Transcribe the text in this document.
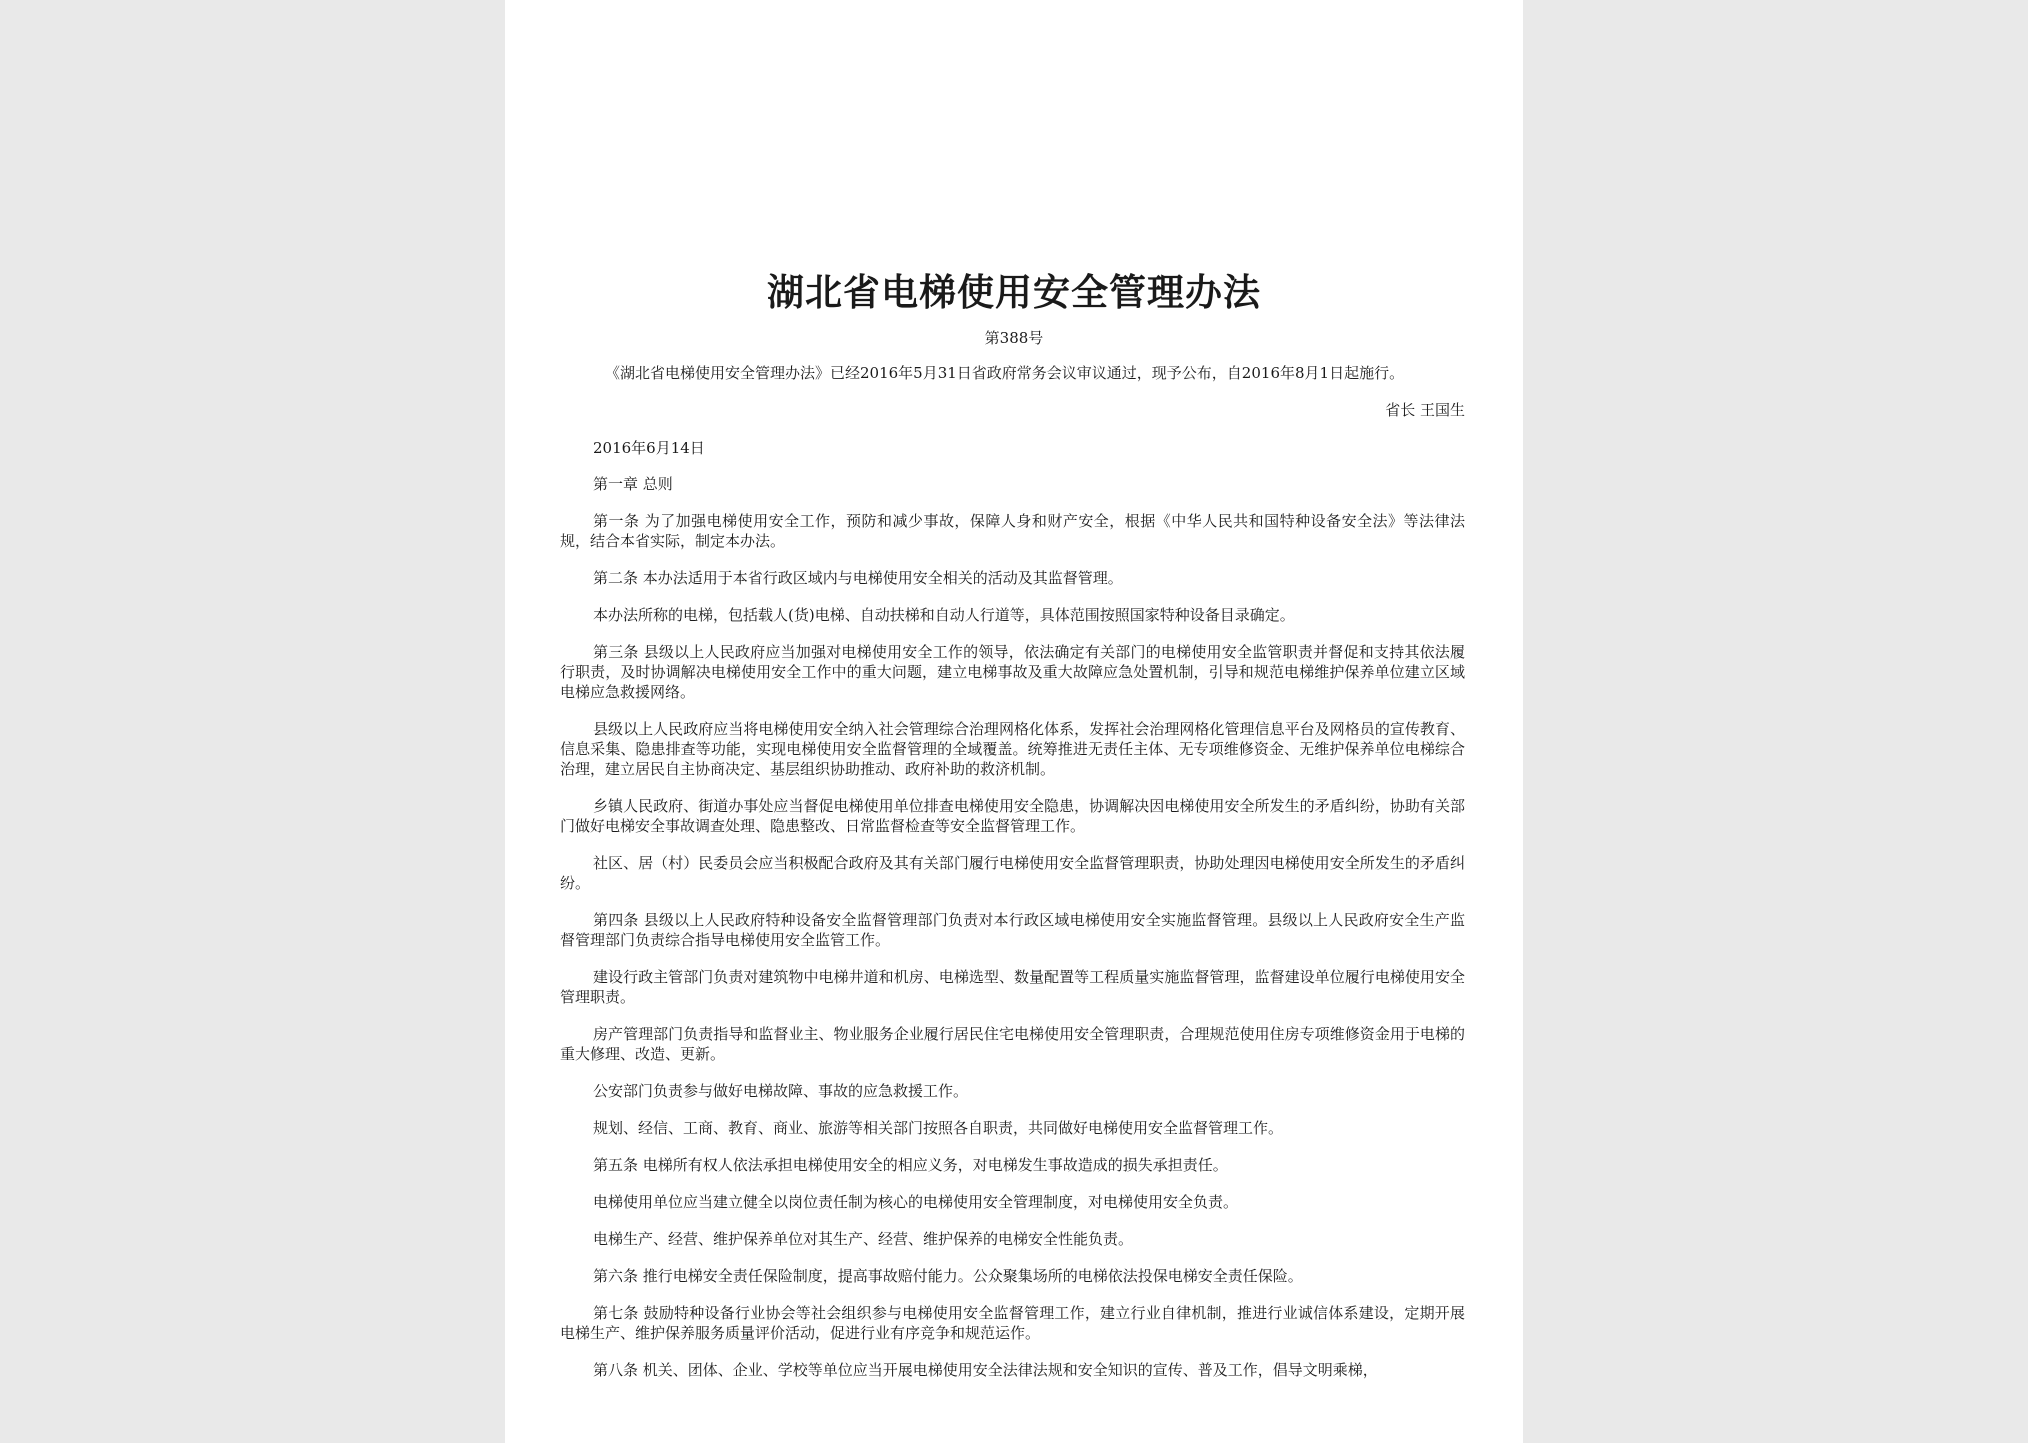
湖北省电梯使用安全管理办法
第388号
《湖北省电梯使用安全管理办法》已经2016年5月31日省政府常务会议审议通过，现予公布，自2016年8月1日起施行。
省长 王国生
2016年6月14日

第一章 总则

第一条 为了加强电梯使用安全工作，预防和减少事故，保障人身和财产安全，根据《中华人民共和国特种设备安全法》等法律法规，结合本省实际，制定本办法。

第二条 本办法适用于本省行政区域内与电梯使用安全相关的活动及其监督管理。

本办法所称的电梯，包括载人(货)电梯、自动扶梯和自动人行道等，具体范围按照国家特种设备目录确定。

第三条 县级以上人民政府应当加强对电梯使用安全工作的领导，依法确定有关部门的电梯使用安全监管职责并督促和支持其依法履行职责，及时协调解决电梯使用安全工作中的重大问题，建立电梯事故及重大故障应急处置机制，引导和规范电梯维护保养单位建立区域电梯应急救援网络。

县级以上人民政府应当将电梯使用安全纳入社会管理综合治理网格化体系，发挥社会治理网格化管理信息平台及网格员的宣传教育、信息采集、隐患排查等功能，实现电梯使用安全监督管理的全域覆盖。统筹推进无责任主体、无专项维修资金、无维护保养单位电梯综合治理，建立居民自主协商决定、基层组织协助推动、政府补助的救济机制。

乡镇人民政府、街道办事处应当督促电梯使用单位排查电梯使用安全隐患，协调解决因电梯使用安全所发生的矛盾纠纷，协助有关部门做好电梯安全事故调查处理、隐患整改、日常监督检查等安全监督管理工作。

社区、居（村）民委员会应当积极配合政府及其有关部门履行电梯使用安全监督管理职责，协助处理因电梯使用安全所发生的矛盾纠纷。

第四条 县级以上人民政府特种设备安全监督管理部门负责对本行政区域电梯使用安全实施监督管理。县级以上人民政府安全生产监督管理部门负责综合指导电梯使用安全监管工作。

建设行政主管部门负责对建筑物中电梯井道和机房、电梯选型、数量配置等工程质量实施监督管理，监督建设单位履行电梯使用安全管理职责。

房产管理部门负责指导和监督业主、物业服务企业履行居民住宅电梯使用安全管理职责，合理规范使用住房专项维修资金用于电梯的重大修理、改造、更新。

公安部门负责参与做好电梯故障、事故的应急救援工作。

规划、经信、工商、教育、商业、旅游等相关部门按照各自职责，共同做好电梯使用安全监督管理工作。

第五条 电梯所有权人依法承担电梯使用安全的相应义务，对电梯发生事故造成的损失承担责任。

电梯使用单位应当建立健全以岗位责任制为核心的电梯使用安全管理制度，对电梯使用安全负责。

电梯生产、经营、维护保养单位对其生产、经营、维护保养的电梯安全性能负责。

第六条 推行电梯安全责任保险制度，提高事故赔付能力。公众聚集场所的电梯依法投保电梯安全责任保险。

第七条 鼓励特种设备行业协会等社会组织参与电梯使用安全监督管理工作，建立行业自律机制，推进行业诚信体系建设，定期开展电梯生产、维护保养服务质量评价活动，促进行业有序竞争和规范运作。

第八条 机关、团体、企业、学校等单位应当开展电梯使用安全法律法规和安全知识的宣传、普及工作，倡导文明乘梯，
